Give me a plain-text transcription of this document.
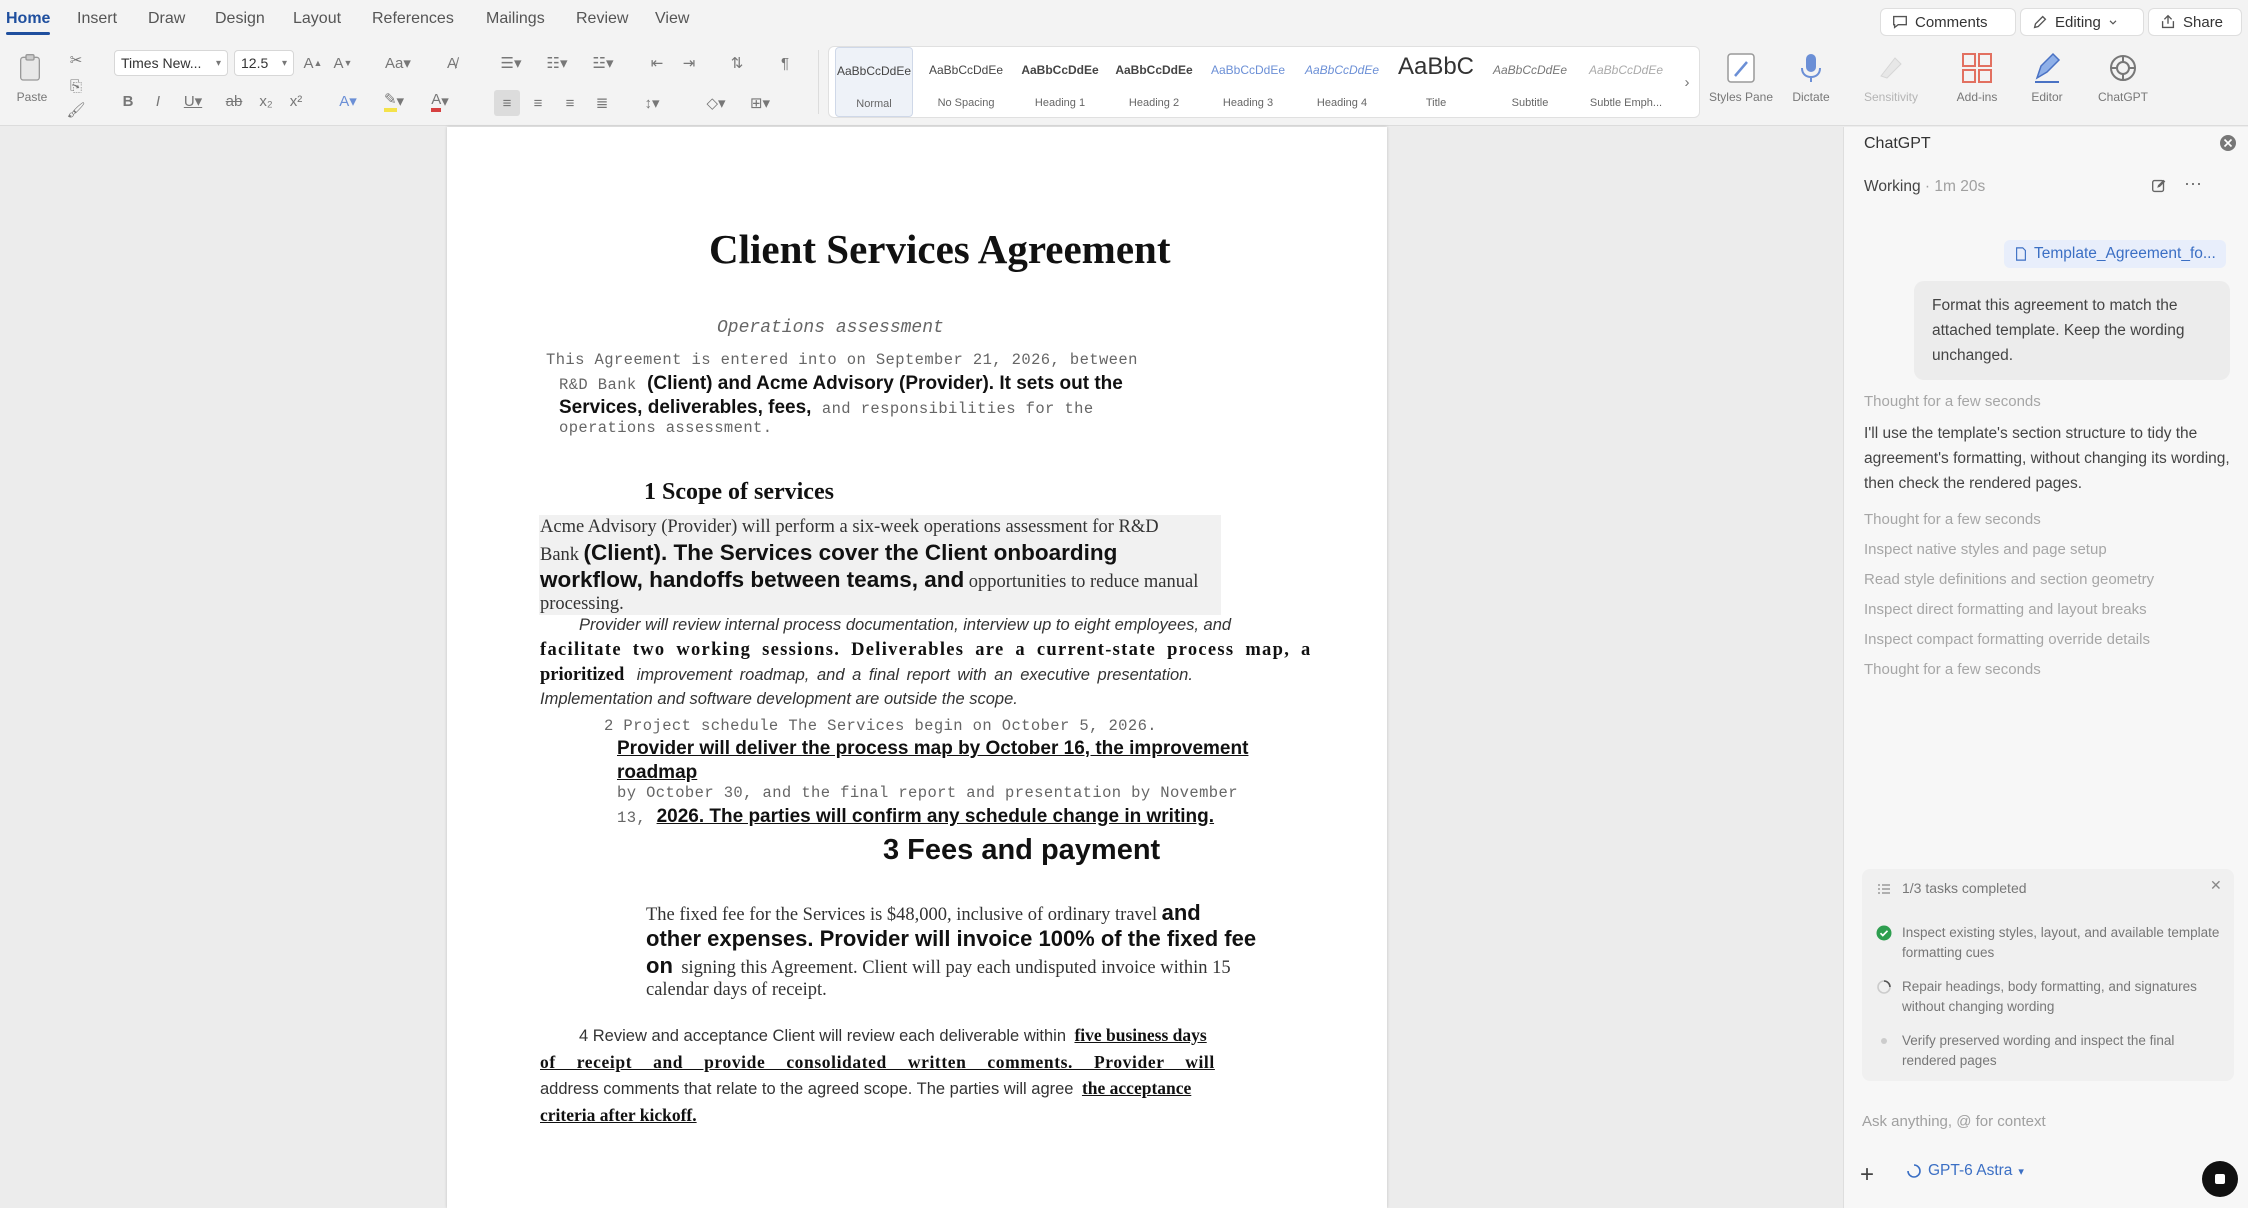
Home Insert Draw Design Layout References Mailings Review View	Comments	Editing	Share
Paste
✂
⎘
🖌
Times New... ▾ 12.5 ▾ A ▲ A ▼	Aa▾	A̸
B	I	U▾	ab x₂ x²	A▾	✎ ▾	A ▾
☰▾	☷▾	☳▾	⇤	⇥	⇅	¶
≡	≡	≡	≣	↕▾	◇▾	⊞▾
AaBbCcDdEe
Normal
AaBbCcDdEe
No Spacing
AaBbCcDdEe
Heading 1
AaBbCcDdEe
Heading 2
AaBbCcDdEe
Heading 3
AaBbCcDdEe
Heading 4
AaBbC
Title
AaBbCcDdEe
Subtitle
AaBbCcDdEe
Subtle Emph...
›
Styles Pane	Dictate	Sensitivity	Add-ins	Editor	ChatGPT
Client Services Agreement
Operations assessment
This Agreement is entered into on September 21, 2026, between
R&D Bank (Client) and Acme Advisory (Provider). It sets out the
Services, deliverables, fees, and responsibilities for the
operations assessment.
1 Scope of services
Acme Advisory (Provider) will perform a six-week operations assessment for R&D
Bank (Client). The Services cover the Client onboarding
workflow, handoffs between teams, and opportunities to reduce manual
processing.
Provider will review internal process documentation, interview up to eight employees, and
facilitate two working sessions. Deliverables are a current-state process map, a
prioritized improvement roadmap, and a final report with an executive presentation.
Implementation and software development are outside the scope.
2 Project schedule The Services begin on October 5, 2026.
Provider will deliver the process map by October 16, the improvement
roadmap
by October 30, and the final report and presentation by November
13, 2026. The parties will confirm any schedule change in writing.
3 Fees and payment
The fixed fee for the Services is $48,000, inclusive of ordinary travel and
other expenses. Provider will invoice 100% of the fixed fee
on signing this Agreement. Client will pay each undisputed invoice within 15
calendar days of receipt.
4 Review and acceptance Client will review each deliverable within five business days
of receipt and provide consolidated written comments. Provider will
address comments that relate to the agreed scope. The parties will agree the acceptance
criteria after kickoff.
ChatGPT
Working · 1m 20s	···
Template_Agreement_fo...
Format this agreement to match the attached template. Keep the wording unchanged.
Thought for a few seconds
I'll use the template's section structure to tidy the agreement's formatting, without changing its wording, then check the rendered pages.
Thought for a few seconds
Inspect native styles and page setup
Read style definitions and section geometry
Inspect direct formatting and layout breaks
Inspect compact formatting override details
Thought for a few seconds
1/3 tasks completed	✕
Inspect existing styles, layout, and available template formatting cues
Repair headings, body formatting, and signatures without changing wording
Verify preserved wording and inspect the final rendered pages
Ask anything, @ for context
+	GPT-6 Astra ▾
